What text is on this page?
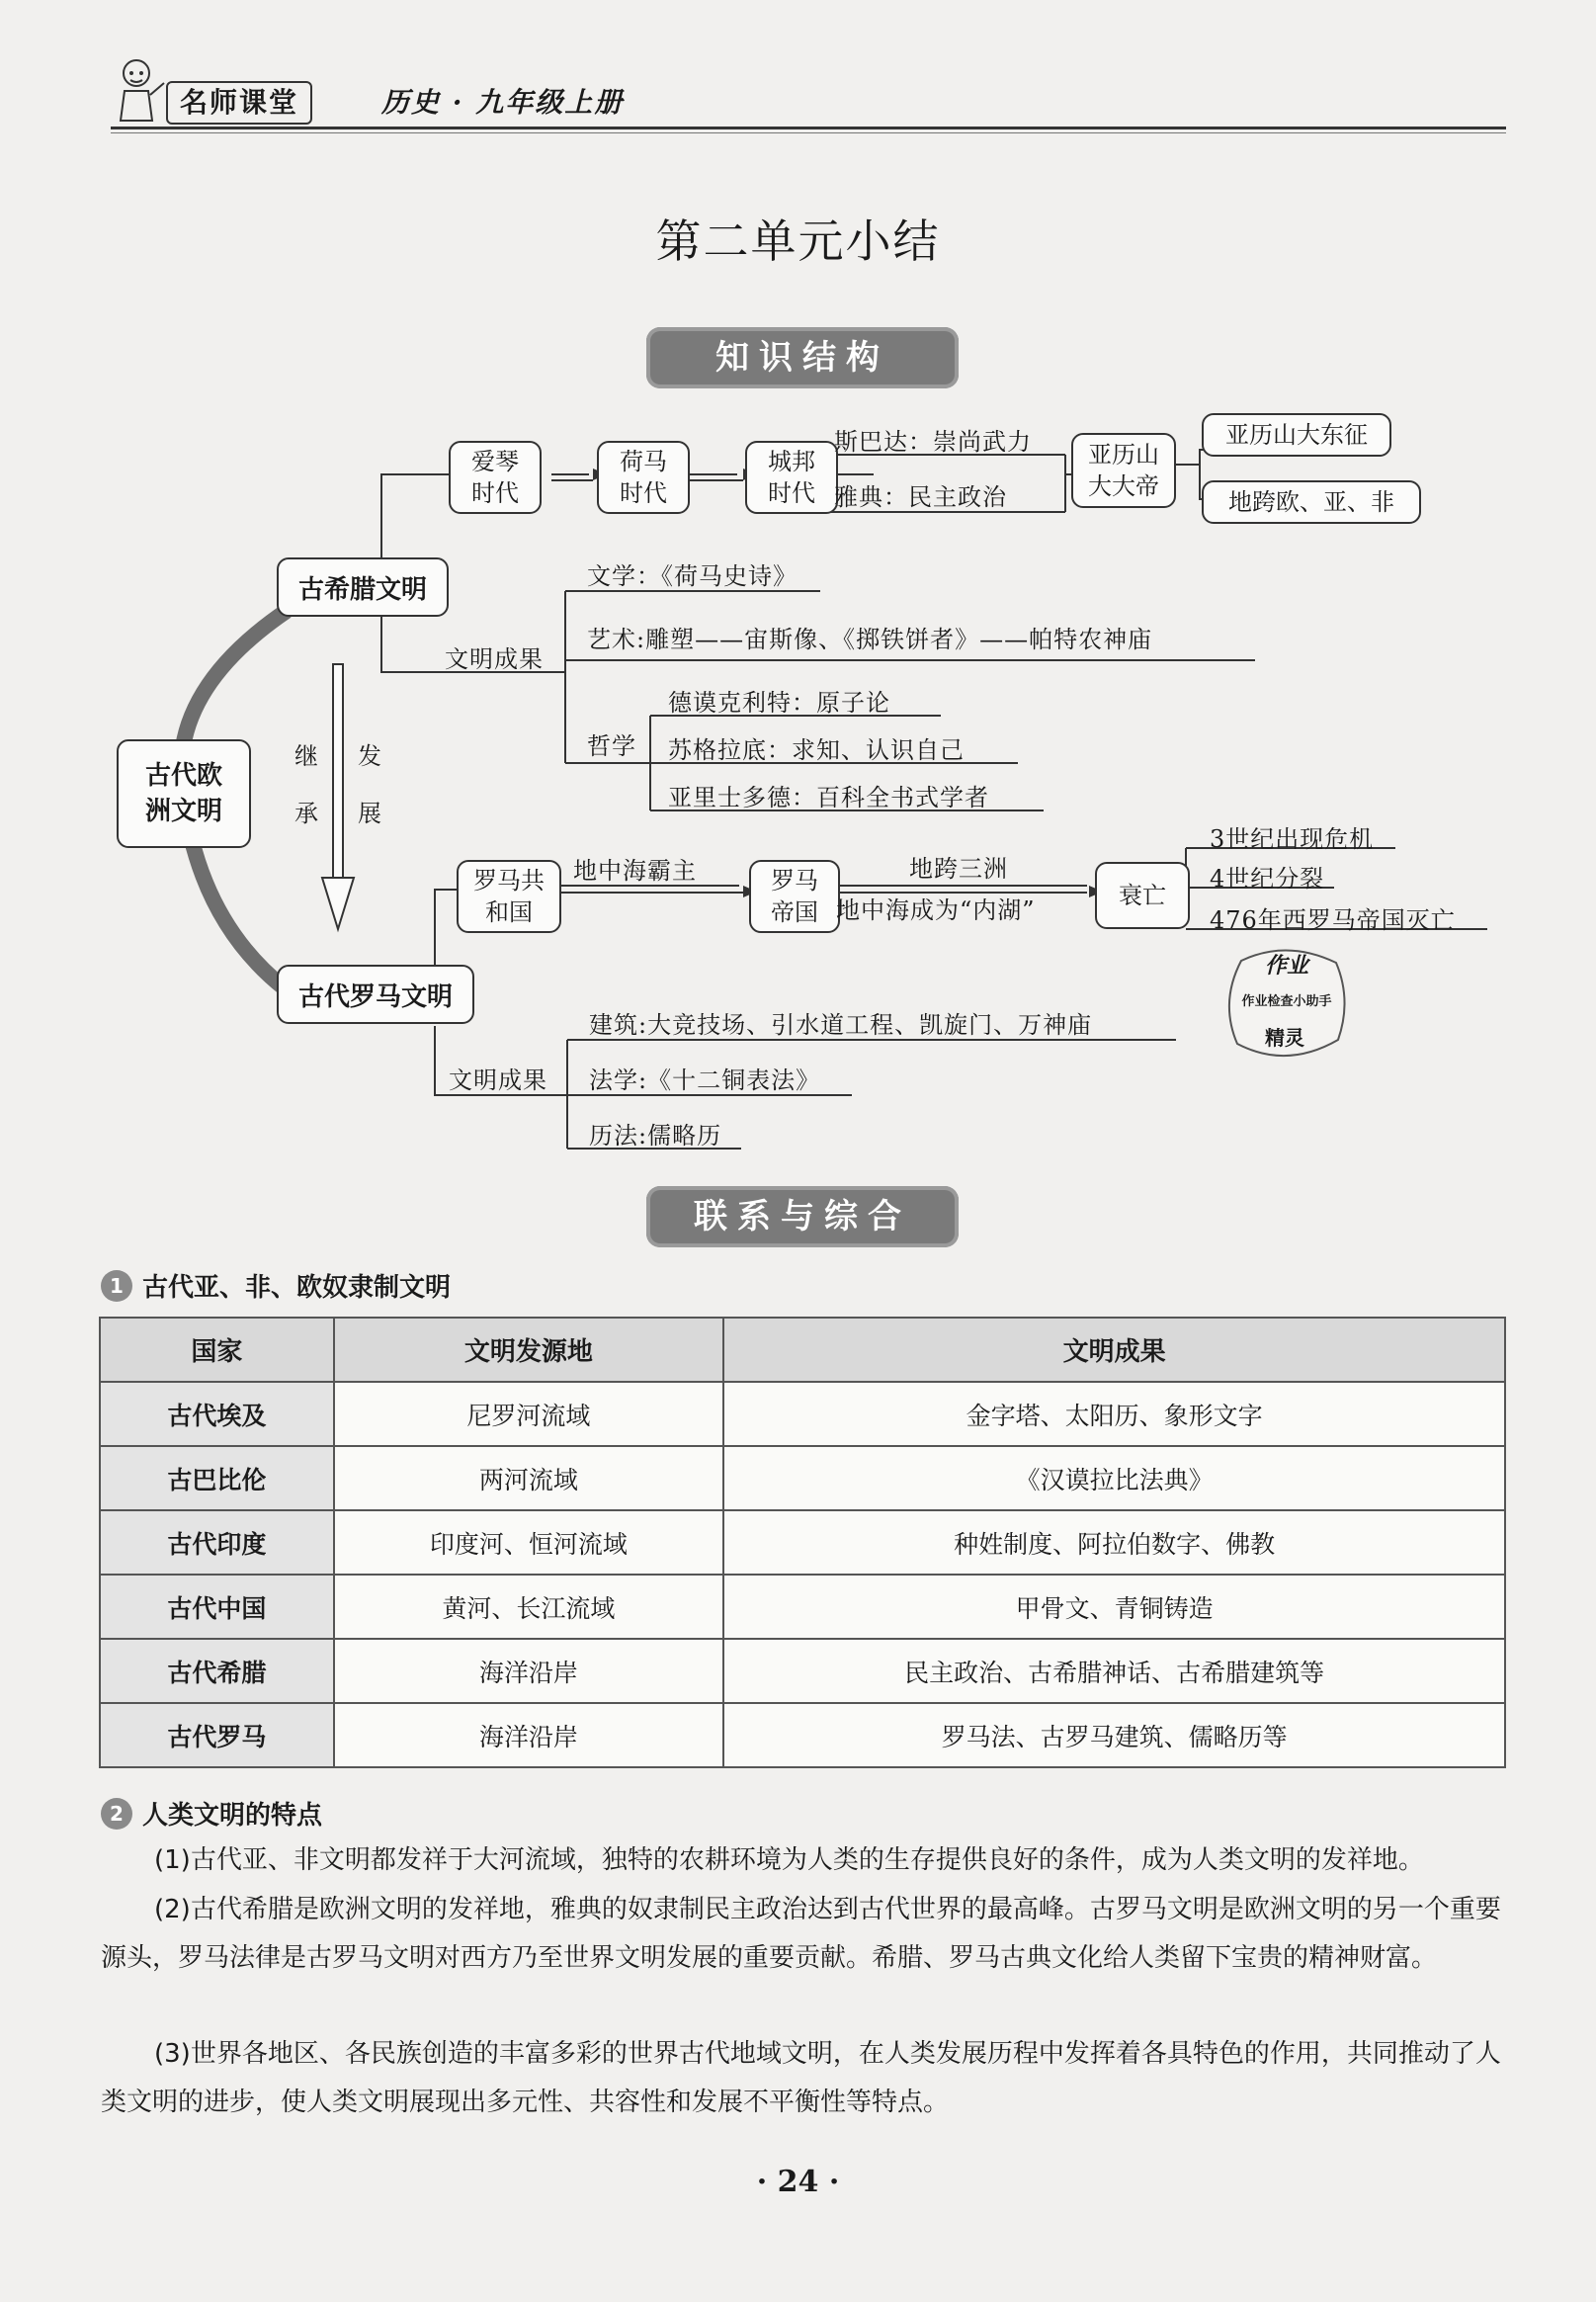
名师课堂	历史 · 九年级上册
第二单元小结
知识结构
古代欧洲文明
古希腊文明
古代罗马文明
继
承
发
展
爱琴
时代
荷马
时代
城邦
时代
斯巴达：崇尚武力
雅典：民主政治
亚历山
大大帝
亚历山大东征
地跨欧、亚、非
文明成果
文学：《荷马史诗》
艺术:雕塑——宙斯像、《掷铁饼者》——帕特农神庙
哲学
德谟克利特：原子论
苏格拉底：求知、认识自己
亚里士多德：百科全书式学者
罗马共
和国
地中海霸主	罗马
帝国
地跨三洲
地中海成为“内湖”
衰亡
3世纪出现危机
4世纪分裂
476年西罗马帝国灭亡
文明成果
建筑:大竞技场、引水道工程、凯旋门、万神庙
法学:《十二铜表法》
历法:儒略历
作业
作业检查小助手
精灵
联系与综合
1 古代亚、非、欧奴隶制文明
国家	文明发源地	文明成果
古代埃及	尼罗河流域	金字塔、太阳历、象形文字
古巴比伦	两河流域	《汉谟拉比法典》
古代印度	印度河、恒河流域	种姓制度、阿拉伯数字、佛教
古代中国	黄河、长江流域	甲骨文、青铜铸造
古代希腊	海洋沿岸	民主政治、古希腊神话、古希腊建筑等
古代罗马	海洋沿岸	罗马法、古罗马建筑、儒略历等
2 人类文明的特点
(1)古代亚、非文明都发祥于大河流域，独特的农耕环境为人类的生存提供良好的条件，成为人类文明的发祥地。
(2)古代希腊是欧洲文明的发祥地，雅典的奴隶制民主政治达到古代世界的最高峰。古罗马文明是欧洲文明的另一个重要源头，罗马法律是古罗马文明对西方乃至世界文明发展的重要贡献。希腊、罗马古典文化给人类留下宝贵的精神财富。
(3)世界各地区、各民族创造的丰富多彩的世界古代地域文明，在人类发展历程中发挥着各具特色的作用，共同推动了人类文明的进步，使人类文明展现出多元性、共容性和发展不平衡性等特点。
· 24 ·
